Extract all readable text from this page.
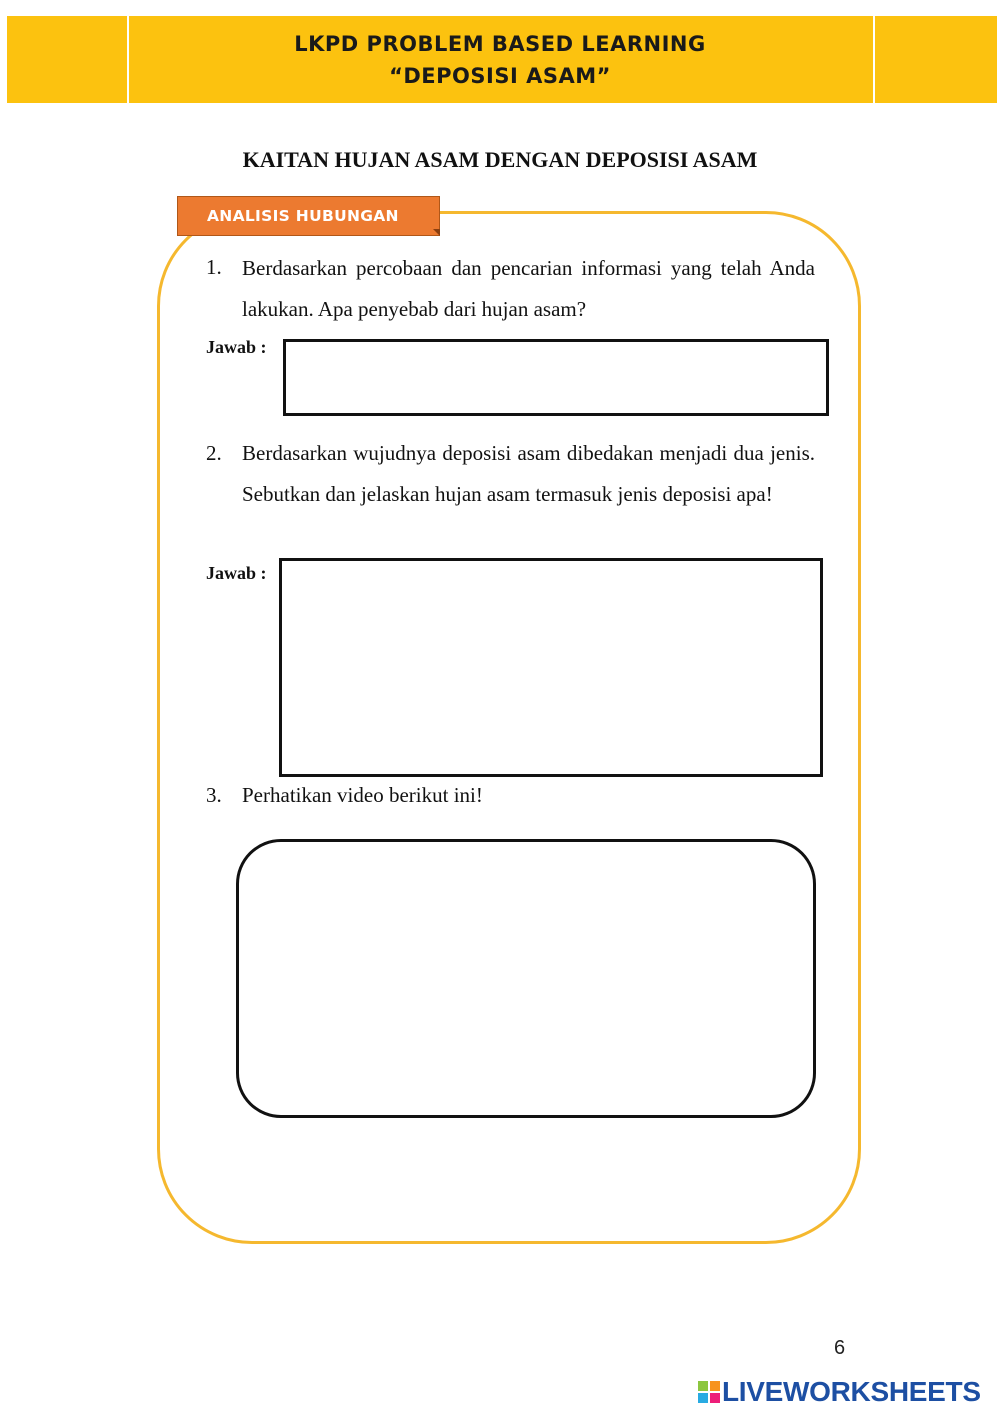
LKPD PROBLEM BASED LEARNING
“DEPOSISI ASAM”
KAITAN HUJAN ASAM DENGAN DEPOSISI ASAM
ANALISIS HUBUNGAN
1. Berdasarkan percobaan dan pencarian informasi yang telah Anda lakukan. Apa penyebab dari hujan asam?
Jawab :
2. Berdasarkan wujudnya deposisi asam dibedakan menjadi dua jenis. Sebutkan dan jelaskan hujan asam termasuk jenis deposisi apa!
Jawab :
3. Perhatikan video berikut ini!
6
LIVEWORKSHEETS
